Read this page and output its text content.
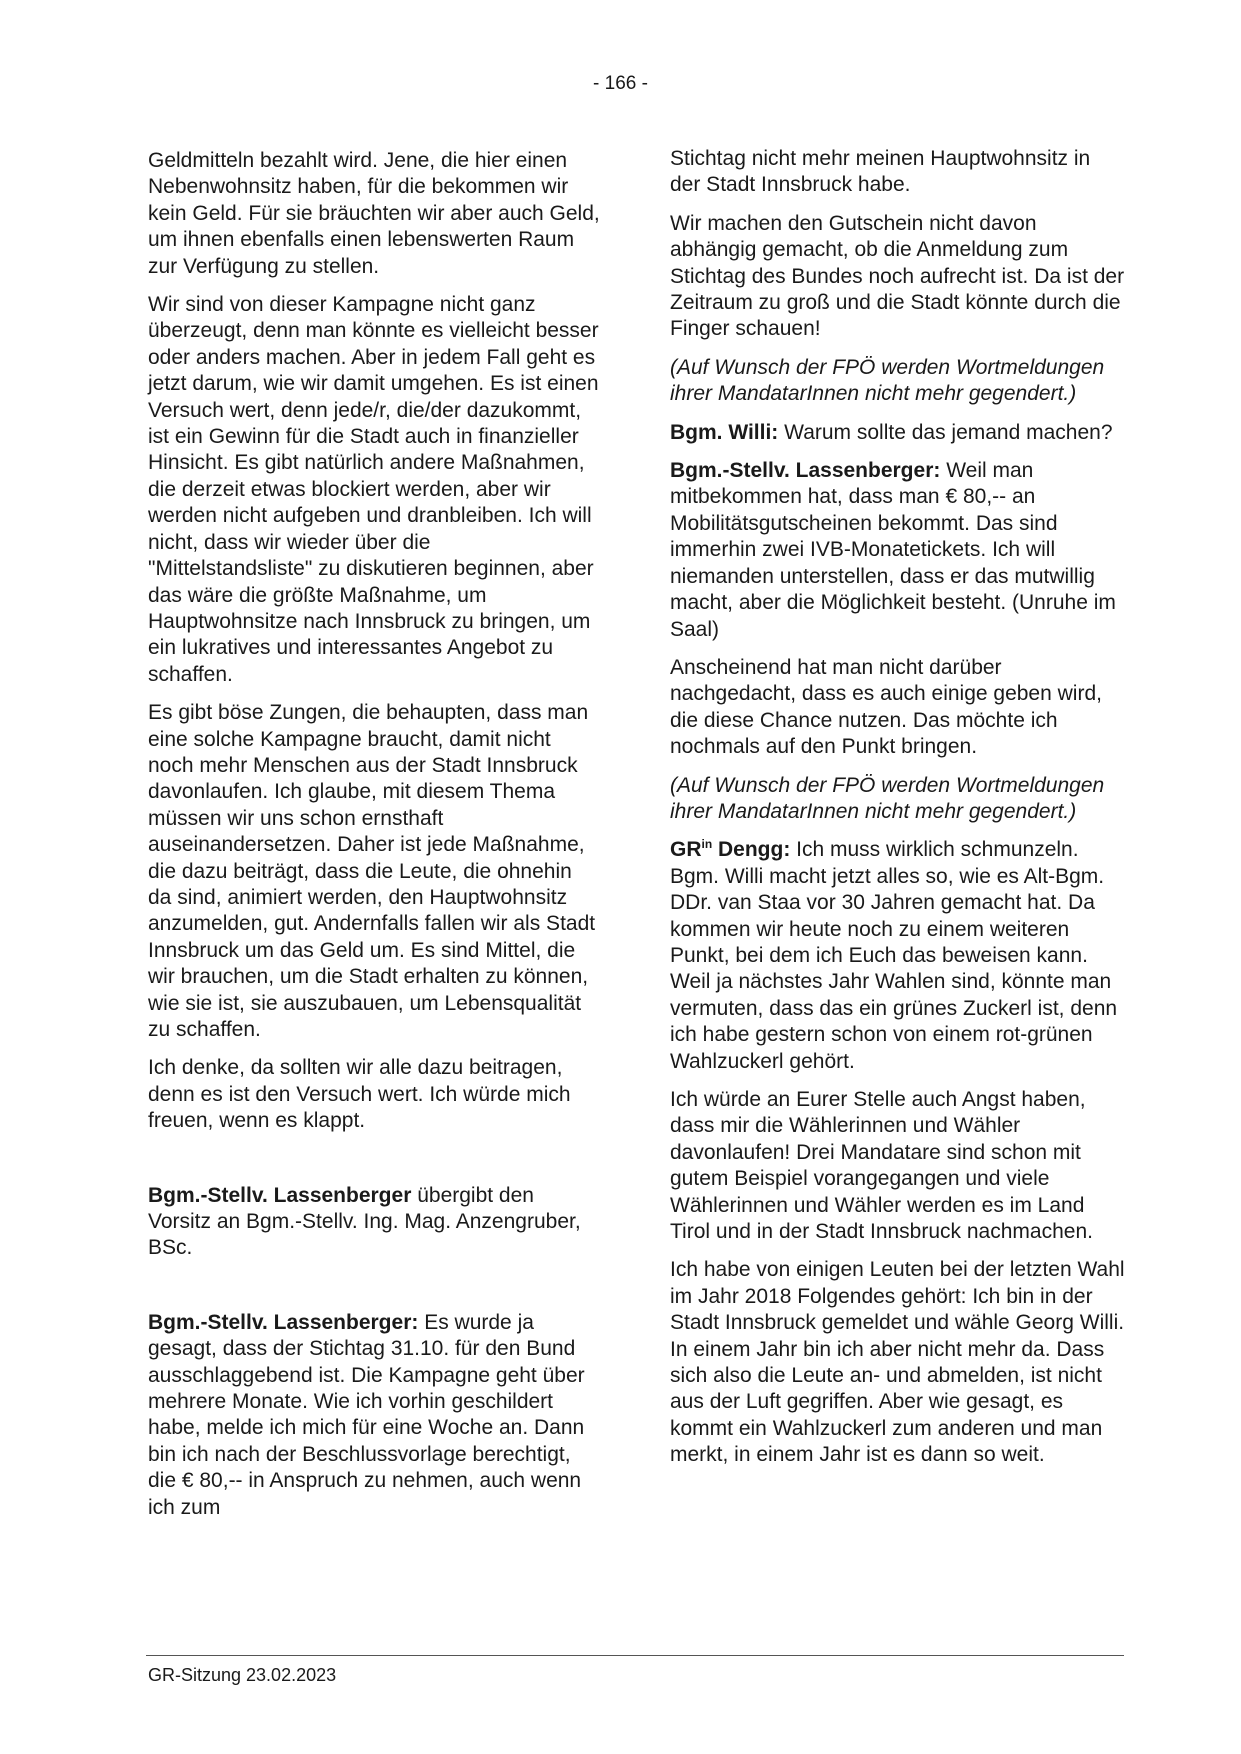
- 166 -

Geldmitteln bezahlt wird. Jene, die hier einen Nebenwohnsitz haben, für die bekommen wir kein Geld. Für sie bräuchten wir aber auch Geld, um ihnen ebenfalls einen lebenswerten Raum zur Verfügung zu stellen.

Wir sind von dieser Kampagne nicht ganz überzeugt, denn man könnte es vielleicht besser oder anders machen. Aber in jedem Fall geht es jetzt darum, wie wir damit umgehen. Es ist einen Versuch wert, denn jede/r, die/der dazukommt, ist ein Gewinn für die Stadt auch in finanzieller Hinsicht. Es gibt natürlich andere Maßnahmen, die derzeit etwas blockiert werden, aber wir werden nicht aufgeben und dranbleiben. Ich will nicht, dass wir wieder über die "Mittelstandsliste" zu diskutieren beginnen, aber das wäre die größte Maßnahme, um Hauptwohnsitze nach Innsbruck zu bringen, um ein lukratives und interessantes Angebot zu schaffen.

Es gibt böse Zungen, die behaupten, dass man eine solche Kampagne braucht, damit nicht noch mehr Menschen aus der Stadt Innsbruck davonlaufen. Ich glaube, mit diesem Thema müssen wir uns schon ernsthaft auseinandersetzen. Daher ist jede Maßnahme, die dazu beiträgt, dass die Leute, die ohnehin da sind, animiert werden, den Hauptwohnsitz anzumelden, gut. Andernfalls fallen wir als Stadt Innsbruck um das Geld um. Es sind Mittel, die wir brauchen, um die Stadt erhalten zu können, wie sie ist, sie auszubauen, um Lebensqualität zu schaffen.

Ich denke, da sollten wir alle dazu beitragen, denn es ist den Versuch wert. Ich würde mich freuen, wenn es klappt.

Bgm.-Stellv. Lassenberger übergibt den Vorsitz an Bgm.-Stellv. Ing. Mag. Anzengruber, BSc.

Bgm.-Stellv. Lassenberger: Es wurde ja gesagt, dass der Stichtag 31.10. für den Bund ausschlaggebend ist. Die Kampagne geht über mehrere Monate. Wie ich vorhin geschildert habe, melde ich mich für eine Woche an. Dann bin ich nach der Beschlussvorlage berechtigt, die € 80,-- in Anspruch zu nehmen, auch wenn ich zum

Stichtag nicht mehr meinen Hauptwohnsitz in der Stadt Innsbruck habe.

Wir machen den Gutschein nicht davon abhängig gemacht, ob die Anmeldung zum Stichtag des Bundes noch aufrecht ist. Da ist der Zeitraum zu groß und die Stadt könnte durch die Finger schauen!

(Auf Wunsch der FPÖ werden Wortmeldungen ihrer MandatarInnen nicht mehr gegendert.)

Bgm. Willi: Warum sollte das jemand machen?

Bgm.-Stellv. Lassenberger: Weil man mitbekommen hat, dass man € 80,-- an Mobilitätsgutscheinen bekommt. Das sind immerhin zwei IVB-Monatetickets. Ich will niemanden unterstellen, dass er das mutwillig macht, aber die Möglichkeit besteht. (Unruhe im Saal)

Anscheinend hat man nicht darüber nachgedacht, dass es auch einige geben wird, die diese Chance nutzen. Das möchte ich nochmals auf den Punkt bringen.

(Auf Wunsch der FPÖ werden Wortmeldungen ihrer MandatarInnen nicht mehr gegendert.)

$GR^{in}$ Dengg: Ich muss wirklich schmunzeln. Bgm. Willi macht jetzt alles so, wie es Alt-Bgm. DDr. van Staa vor 30 Jahren gemacht hat. Da kommen wir heute noch zu einem weiteren Punkt, bei dem ich Euch das beweisen kann. Weil ja nächstes Jahr Wahlen sind, könnte man vermuten, dass das ein grünes Zuckerl ist, denn ich habe gestern schon von einem rot-grünen Wahlzuckerl gehört.

Ich würde an Eurer Stelle auch Angst haben, dass mir die Wählerinnen und Wähler davonlaufen! Drei Mandatare sind schon mit gutem Beispiel vorangegangen und viele Wählerinnen und Wähler werden es im Land Tirol und in der Stadt Innsbruck nachmachen.

Ich habe von einigen Leuten bei der letzten Wahl im Jahr 2018 Folgendes gehört: Ich bin in der Stadt Innsbruck gemeldet und wähle Georg Willi. In einem Jahr bin ich aber nicht mehr da. Dass sich also die Leute an- und abmelden, ist nicht aus der Luft gegriffen. Aber wie gesagt, es kommt ein Wahlzuckerl zum anderen und man merkt, in einem Jahr ist es dann so weit.

GR-Sitzung 23.02.2023
